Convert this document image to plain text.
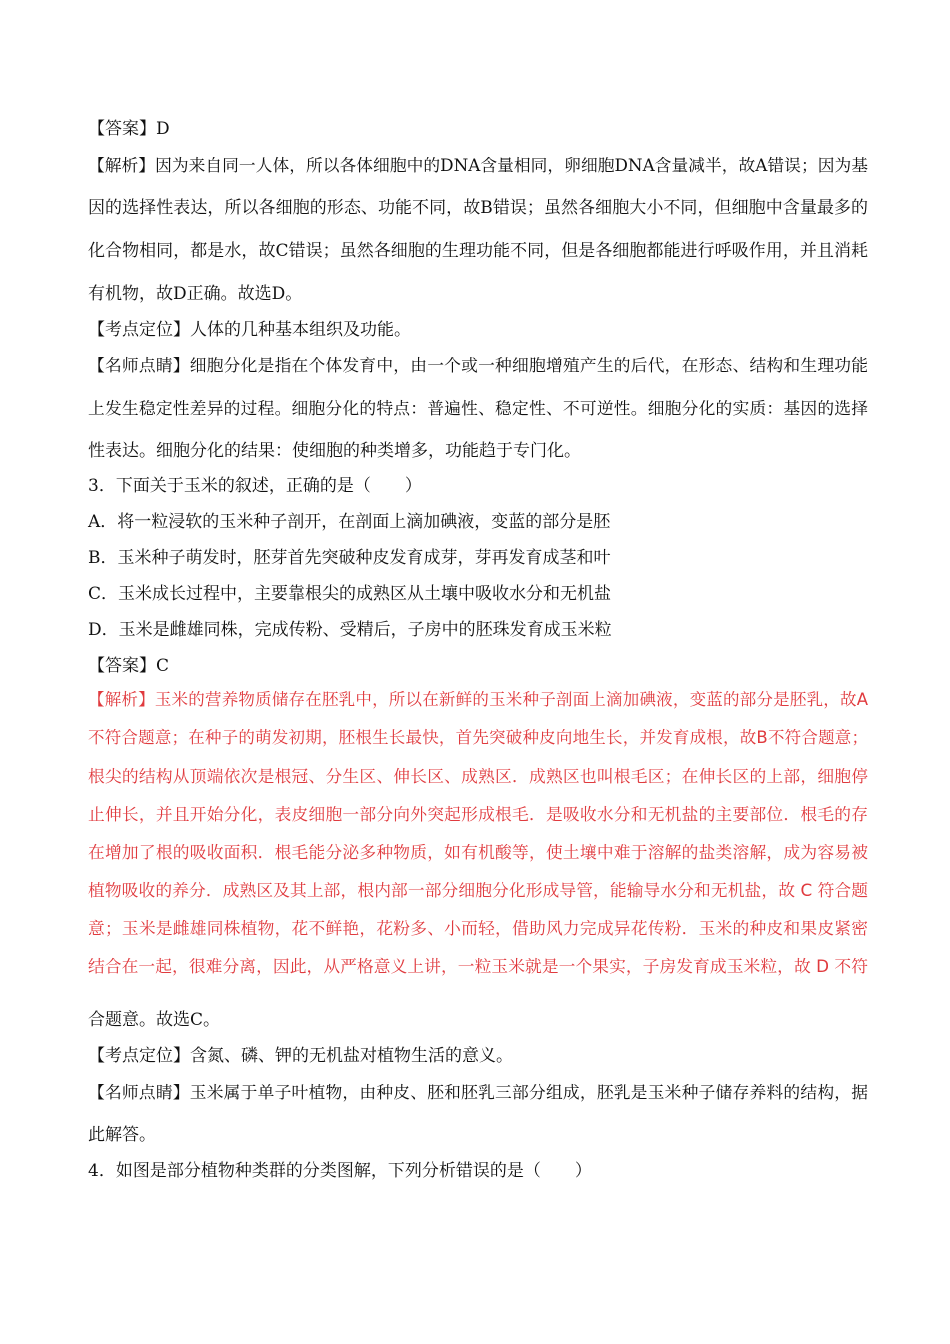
【答案】D
【解析】因为来自同一人体，所以各体细胞中的DNA含量相同，卵细胞DNA含量减半，故A错误；因为基
因的选择性表达，所以各细胞的形态、功能不同，故B错误；虽然各细胞大小不同，但细胞中含量最多的
化合物相同，都是水，故C错误；虽然各细胞的生理功能不同，但是各细胞都能进行呼吸作用，并且消耗
有机物，故D正确。故选D。
【考点定位】人体的几种基本组织及功能。
【名师点睛】细胞分化是指在个体发育中，由一个或一种细胞增殖产生的后代，在形态、结构和生理功能
上发生稳定性差异的过程。细胞分化的特点：普遍性、稳定性、不可逆性。细胞分化的实质：基因的选择
性表达。细胞分化的结果：使细胞的种类增多，功能趋于专门化。
3．下面关于玉米的叙述，正确的是（　　）
A．将一粒浸软的玉米种子剖开，在剖面上滴加碘液，变蓝的部分是胚
B．玉米种子萌发时，胚芽首先突破种皮发育成芽，芽再发育成茎和叶
C．玉米成长过程中，主要靠根尖的成熟区从土壤中吸收水分和无机盐
D．玉米是雌雄同株，完成传粉、受精后，子房中的胚珠发育成玉米粒
【答案】C
【解析】玉米的营养物质储存在胚乳中，所以在新鲜的玉米种子剖面上滴加碘液，变蓝的部分是胚乳，故A
不符合题意；在种子的萌发初期，胚根生长最快，首先突破种皮向地生长，并发育成根，故B不符合题意；
根尖的结构从顶端依次是根冠、分生区、伸长区、成熟区．成熟区也叫根毛区；在伸长区的上部，细胞停
止伸长，并且开始分化，表皮细胞一部分向外突起形成根毛．是吸收水分和无机盐的主要部位．根毛的存
在增加了根的吸收面积．根毛能分泌多种物质，如有机酸等，使土壤中难于溶解的盐类溶解，成为容易被
植物吸收的养分．成熟区及其上部，根内部一部分细胞分化形成导管，能输导水分和无机盐，故 C 符合题
意；玉米是雌雄同株植物，花不鲜艳，花粉多、小而轻，借助风力完成异花传粉．玉米的种皮和果皮紧密
结合在一起，很难分离，因此，从严格意义上讲，一粒玉米就是一个果实，子房发育成玉米粒，故 D 不符
合题意。故选C。
【考点定位】含氮、磷、钾的无机盐对植物生活的意义。
【名师点睛】玉米属于单子叶植物，由种皮、胚和胚乳三部分组成，胚乳是玉米种子储存养料的结构，据
此解答。
4．如图是部分植物种类群的分类图解，下列分析错误的是（　　）
